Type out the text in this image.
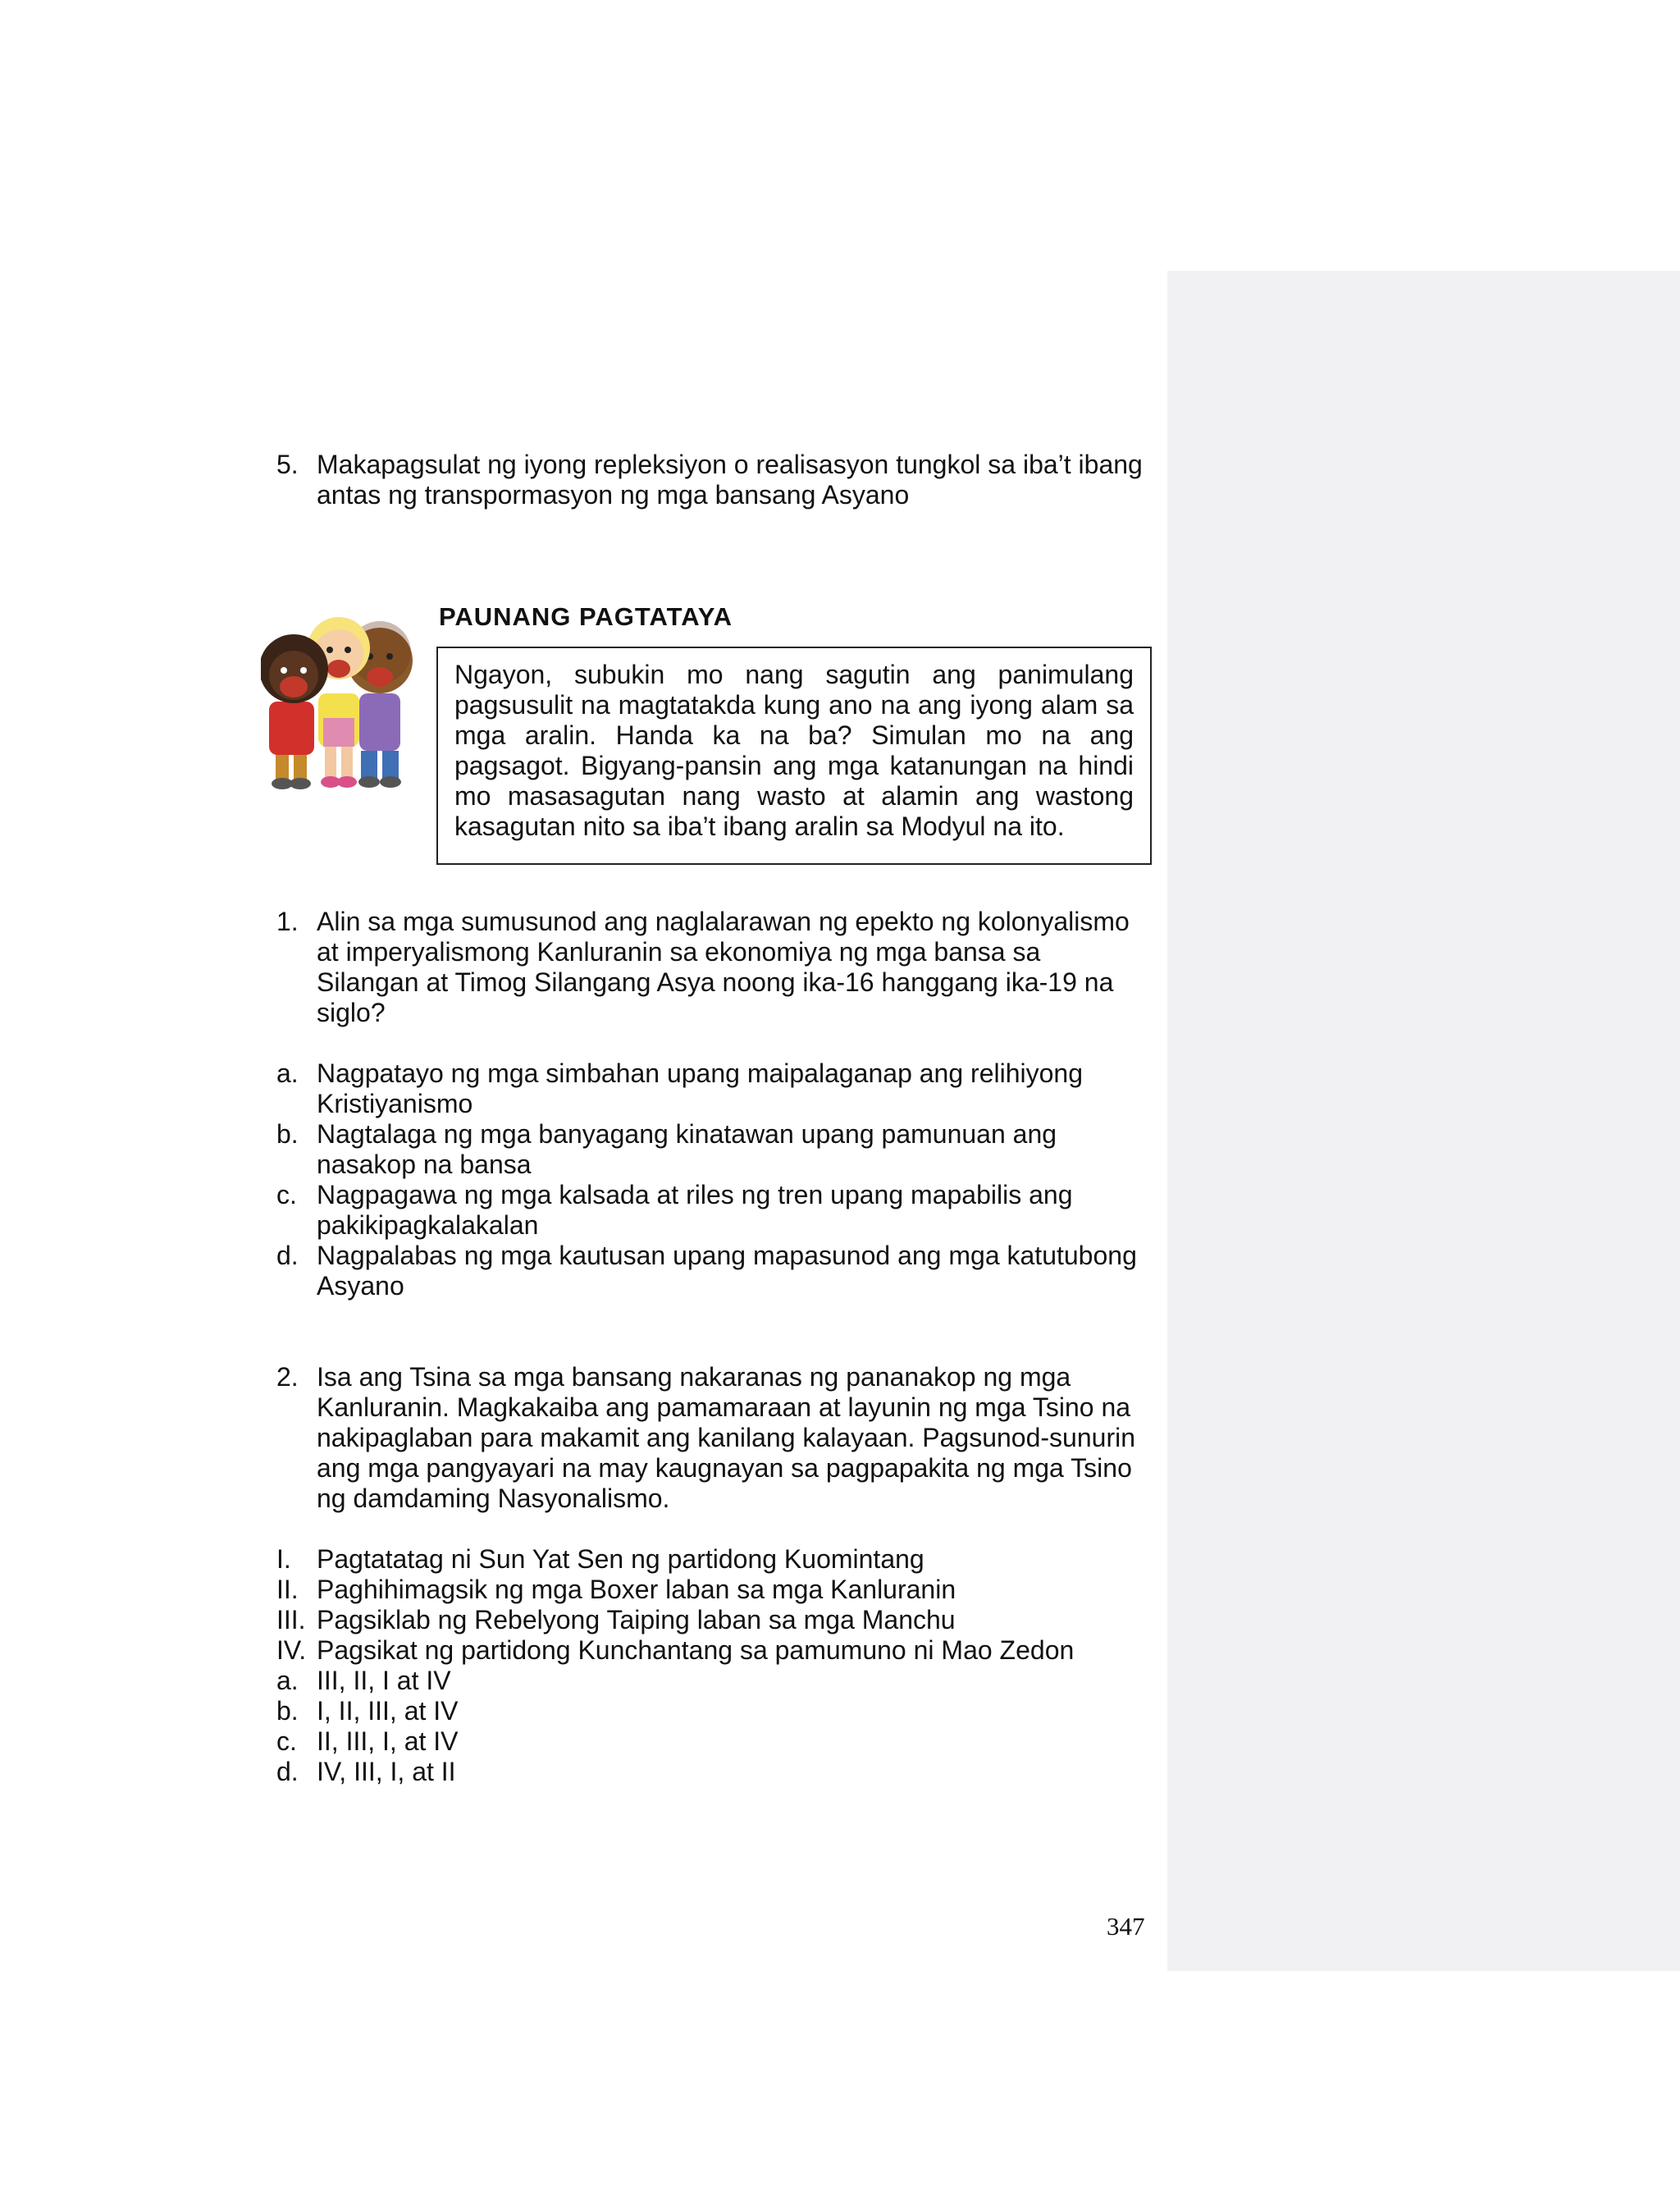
5. Makapagsulat ng iyong repleksiyon o realisasyon tungkol sa iba’t ibang antas ng transpormasyon ng mga bansang Asyano
PAUNANG PAGTATAYA

Ngayon, subukin mo nang sagutin ang panimulang pagsusulit na magtatakda kung ano na ang iyong alam sa mga aralin. Handa ka na ba? Simulan mo na ang pagsagot. Bigyang-pansin ang mga katanungan na hindi mo masasagutan nang wasto at alamin ang wastong kasagutan nito sa iba’t ibang aralin sa Modyul na ito.

1. Alin sa mga sumusunod ang naglalarawan ng epekto ng kolonyalismo at imperyalismong Kanluranin sa ekonomiya ng mga bansa sa Silangan at Timog Silangang Asya noong ika-16 hanggang ika-19 na siglo?
a. Nagpatayo ng mga simbahan upang maipalaganap ang relihiyong Kristiyanismo
b. Nagtalaga ng mga banyagang kinatawan upang pamunuan ang nasakop na bansa
c. Nagpagawa ng mga kalsada at riles ng tren upang mapabilis ang pakikipagkalakalan
d. Nagpalabas ng mga kautusan upang mapasunod ang mga katutubong Asyano
2. Isa ang Tsina sa mga bansang nakaranas ng pananakop ng mga Kanluranin. Magkakaiba ang pamamaraan at layunin ng mga Tsino na nakipaglaban para makamit ang kanilang kalayaan. Pagsunod-sunurin ang mga pangyayari na may kaugnayan sa pagpapakita ng mga Tsino ng damdaming Nasyonalismo.
I. Pagtatatag ni Sun Yat Sen ng partidong Kuomintang
II. Paghihimagsik ng mga Boxer laban sa mga Kanluranin
III. Pagsiklab ng Rebelyong Taiping laban sa mga Manchu
IV. Pagsikat ng partidong Kunchantang sa pamumuno ni Mao Zedon
a. III, II, I at IV
b. I, II, III, at IV
c. II, III, I, at IV
d. IV, III, I, at II
347
